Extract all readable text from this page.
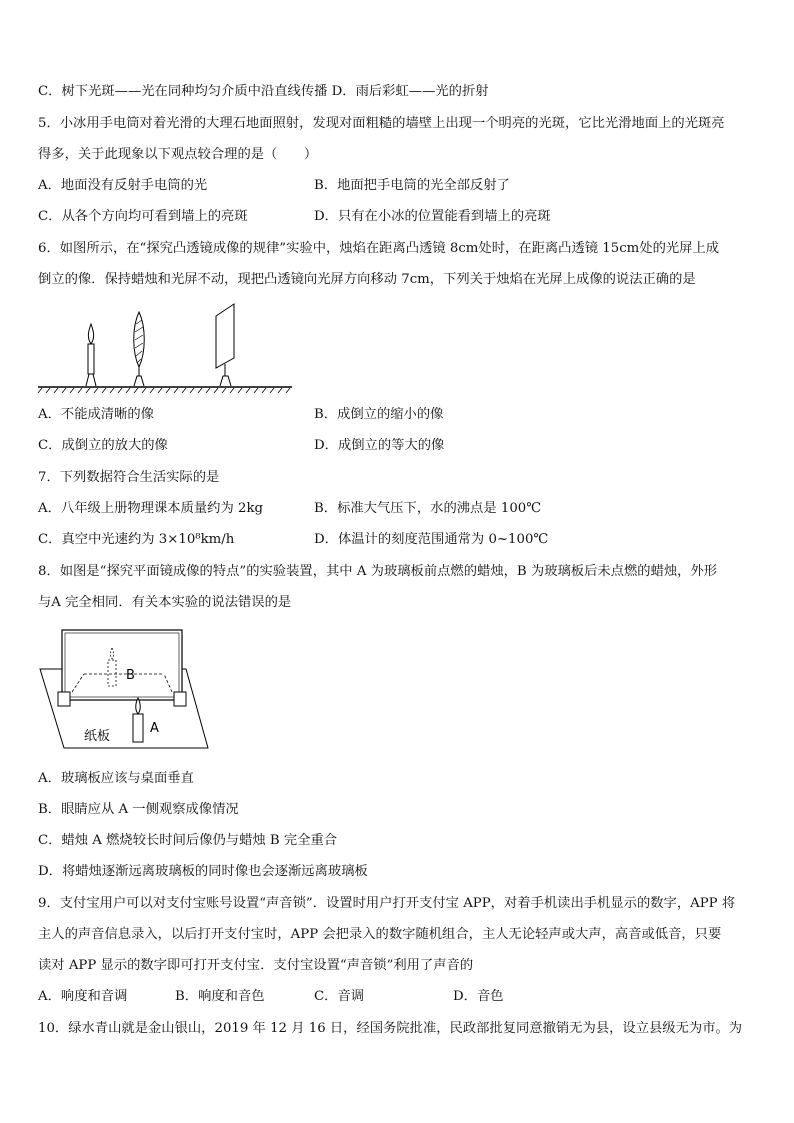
C．树下光斑——光在同种均匀介质中沿直线传播 D．雨后彩虹——光的折射
5．小冰用手电筒对着光滑的大理石地面照射，发现对面粗糙的墙壁上出现一个明亮的光斑，它比光滑地面上的光斑亮
得多，关于此现象以下观点较合理的是（　　）
A．地面没有反射手电筒的光	B．地面把手电筒的光全部反射了
C．从各个方向均可看到墙上的亮斑	D．只有在小冰的位置能看到墙上的亮斑
6．如图所示，在“探究凸透镜成像的规律”实验中，烛焰在距离凸透镜 8cm处时，在距离凸透镜 15cm处的光屏上成
倒立的像．保持蜡烛和光屏不动，现把凸透镜向光屏方向移动 7cm，下列关于烛焰在光屏上成像的说法正确的是
A．不能成清晰的像	B．成倒立的缩小的像
C．成倒立的放大的像	D．成倒立的等大的像
7．下列数据符合生活实际的是
A．八年级上册物理课本质量约为 2kg	B．标准大气压下，水的沸点是 100℃
C．真空中光速约为 3×10⁸km/h	D．体温计的刻度范围通常为 0~100℃
8．如图是“探究平面镜成像的特点”的实验装置，其中 A 为玻璃板前点燃的蜡烛，B 为玻璃板后未点燃的蜡烛，外形
与A 完全相同．有关本实验的说法错误的是
B
A
纸板
A．玻璃板应该与桌面垂直
B．眼睛应从 A 一侧观察成像情况
C．蜡烛 A 燃烧较长时间后像仍与蜡烛 B 完全重合
D．将蜡烛逐渐远离玻璃板的同时像也会逐渐远离玻璃板
9．支付宝用户可以对支付宝账号设置“声音锁”．设置时用户打开支付宝 APP，对着手机读出手机显示的数字，APP 将
主人的声音信息录入，以后打开支付宝时，APP 会把录入的数字随机组合，主人无论轻声或大声，高音或低音，只要
读对 APP 显示的数字即可打开支付宝．支付宝设置“声音锁”利用了声音的
A．响度和音调	B．响度和音色	C．音调	D．音色
10．绿水青山就是金山银山，2019 年 12 月 16 日，经国务院批准，民政部批复同意撤销无为县，设立县级无为市。为
